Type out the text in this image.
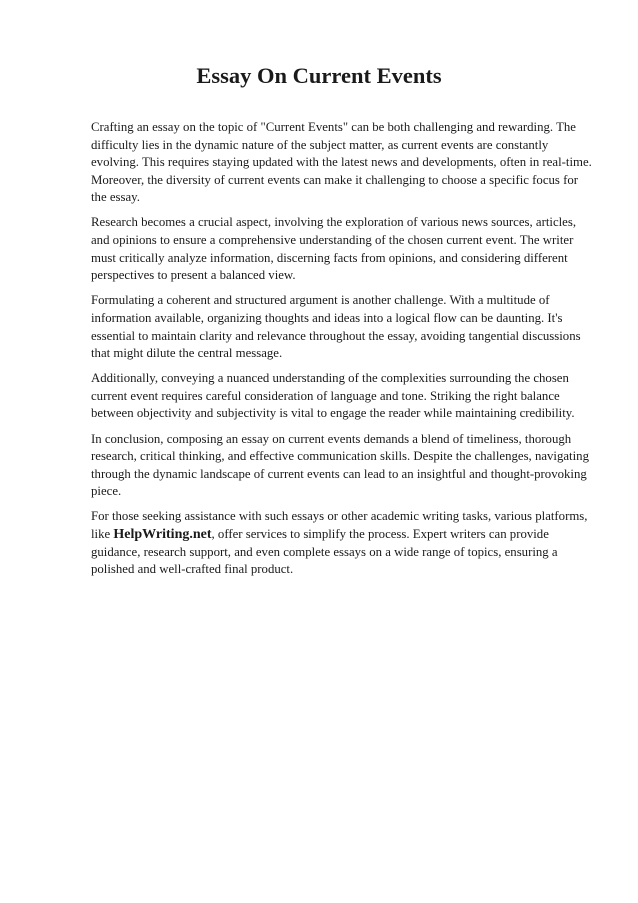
Essay On Current Events

Crafting an essay on the topic of "Current Events" can be both challenging and rewarding. The difficulty lies in the dynamic nature of the subject matter, as current events are constantly evolving. This requires staying updated with the latest news and developments, often in real-time. Moreover, the diversity of current events can make it challenging to choose a specific focus for the essay.

Research becomes a crucial aspect, involving the exploration of various news sources, articles, and opinions to ensure a comprehensive understanding of the chosen current event. The writer must critically analyze information, discerning facts from opinions, and considering different perspectives to present a balanced view.

Formulating a coherent and structured argument is another challenge. With a multitude of information available, organizing thoughts and ideas into a logical flow can be daunting. It's essential to maintain clarity and relevance throughout the essay, avoiding tangential discussions that might dilute the central message.

Additionally, conveying a nuanced understanding of the complexities surrounding the chosen current event requires careful consideration of language and tone. Striking the right balance between objectivity and subjectivity is vital to engage the reader while maintaining credibility.

In conclusion, composing an essay on current events demands a blend of timeliness, thorough research, critical thinking, and effective communication skills. Despite the challenges, navigating through the dynamic landscape of current events can lead to an insightful and thought-provoking piece.

For those seeking assistance with such essays or other academic writing tasks, various platforms, like HelpWriting.net, offer services to simplify the process. Expert writers can provide guidance, research support, and even complete essays on a wide range of topics, ensuring a polished and well-crafted final product.
